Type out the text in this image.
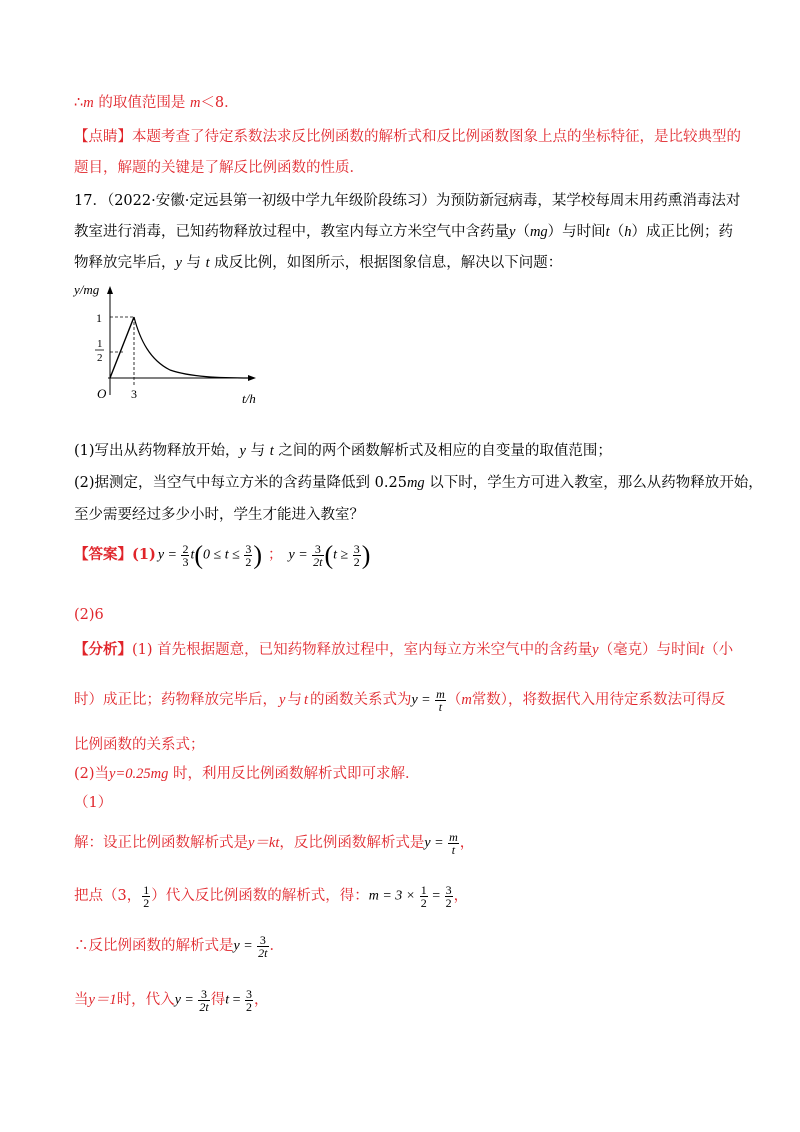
∴m 的取值范围是 m＜8．
【点睛】本题考查了待定系数法求反比例函数的解析式和反比例函数图象上点的坐标特征，是比较典型的
题目，解题的关键是了解反比例函数的性质．
17．（2022·安徽·定远县第一初级中学九年级阶段练习）为预防新冠病毒，某学校每周末用药熏消毒法对
教室进行消毒，已知药物释放过程中，教室内每立方米空气中含药量y（mg）与时间t（h）成正比例；药
物释放完毕后，y 与 t 成反比例，如图所示，根据图象信息，解决以下问题：
y/mg
1
1
2
O 3	t/h
(1)写出从药物释放开始，y 与 t 之间的两个函数解析式及相应的自变量的取值范围；
(2)据测定，当空气中每立方米的含药量降低到 0.25mg 以下时，学生方可进入教室，那么从药物释放开始，
至少需要经过多少小时，学生才能进入教室？
【答案】(1) $y = \frac{2}{3} t(0 \le t \le \frac{3}{2}$ ) ； $y = \frac{3}{2t} (t \ge \frac{3}{2}$ )
(2)6
【分析】(1) 首先根据题意，已知药物释放过程中，室内每立方米空气中的含药量y（毫克）与时间t（小
时）成正比；药物释放完毕后， y 与 t 的函数关系式为 $y = \frac{m}{t}$ （ m 常数），将数据代入用待定系数法可得反
比例函数的关系式；
(2)当y=0.25mg 时，利用反比例函数解析式即可求解．
（1）
解：设正比例函数解析式是 y＝kt ，反比例函数解析式是 $y = \frac{m}{t}$ ，
把点（3， $\frac{1}{2}$ ）代入反比例函数的解析式，得： $m = 3 \times \frac{1}{2} = \frac{3}{2}$ ，
∴反比例函数的解析式是 $y = \frac{3}{2t}$ ．
当 y＝1 时，代入 $y = \frac{3}{2t}$ 得 $t = \frac{3}{2}$ ，
